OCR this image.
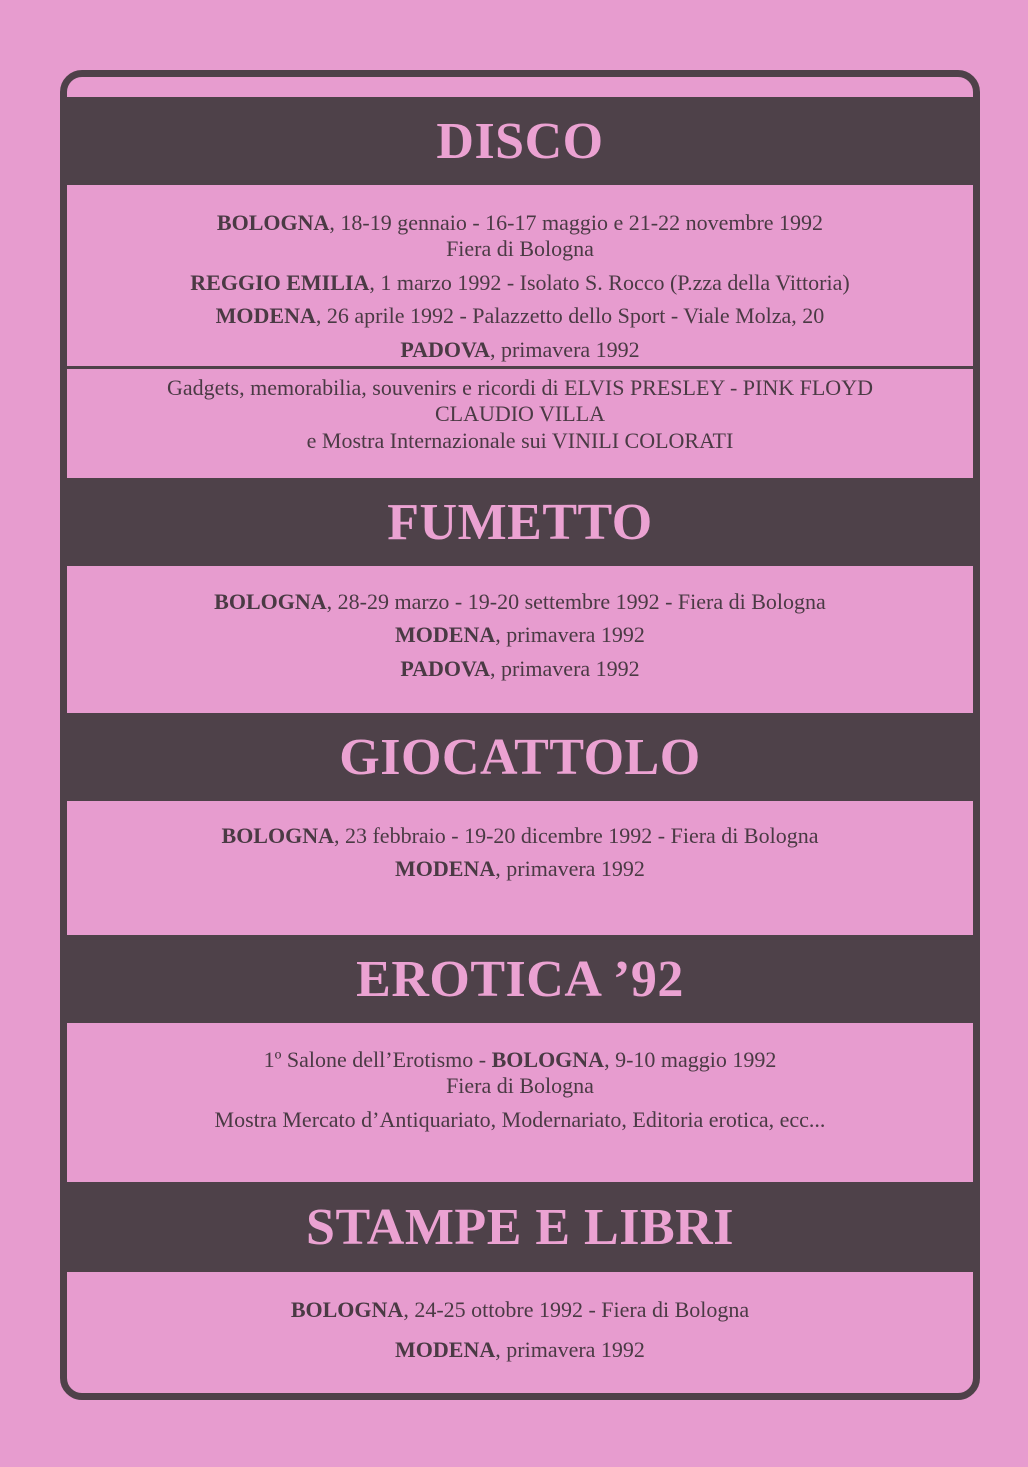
DISCO

BOLOGNA, 18-19 gennaio - 16-17 maggio e 21-22 novembre 1992

Fiera di Bologna

REGGIO EMILIA, 1 marzo 1992 - Isolato S. Rocco (P.zza della Vittoria)

MODENA, 26 aprile 1992 - Palazzetto dello Sport - Viale Molza, 20

PADOVA, primavera 1992

Gadgets, memorabilia, souvenirs e ricordi di ELVIS PRESLEY - PINK FLOYD

CLAUDIO VILLA

e Mostra Internazionale sui VINILI COLORATI

FUMETTO

BOLOGNA, 28-29 marzo - 19-20 settembre 1992 - Fiera di Bologna

MODENA, primavera 1992

PADOVA, primavera 1992

GIOCATTOLO

BOLOGNA, 23 febbraio - 19-20 dicembre 1992 - Fiera di Bologna

MODENA, primavera 1992

EROTICA ’92

1º Salone dell’Erotismo - BOLOGNA, 9-10 maggio 1992

Fiera di Bologna

Mostra Mercato d’Antiquariato, Modernariato, Editoria erotica, ecc...

STAMPE E LIBRI

BOLOGNA, 24-25 ottobre 1992 - Fiera di Bologna

MODENA, primavera 1992
